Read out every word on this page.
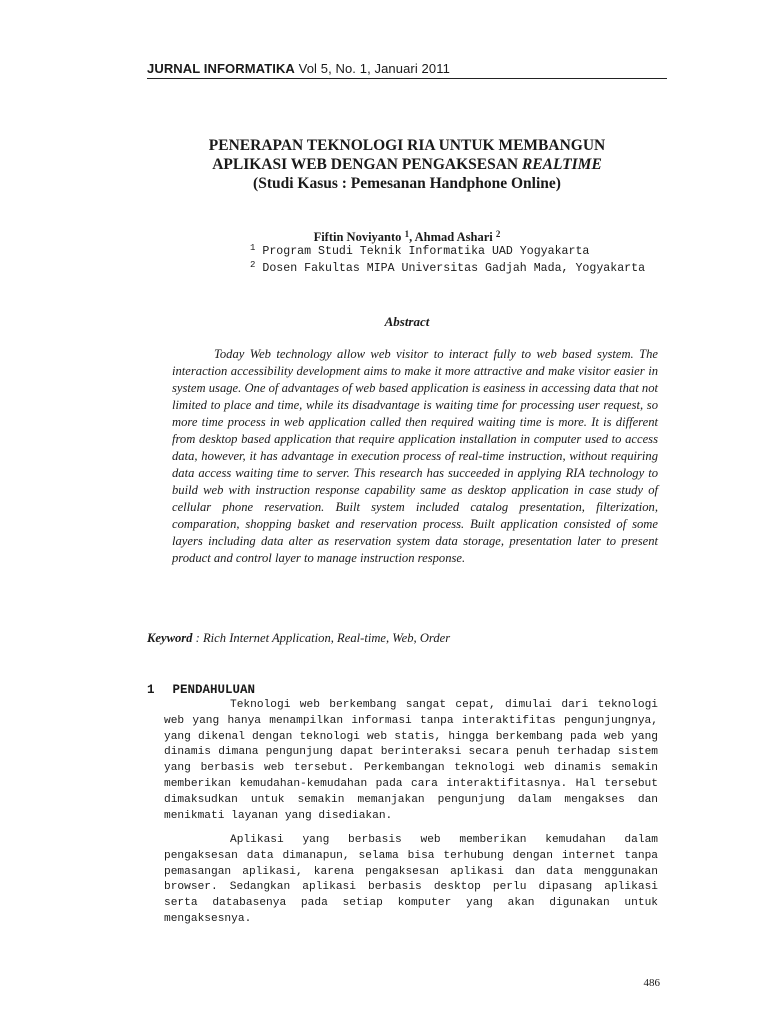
JURNAL INFORMATIKA Vol 5, No. 1, Januari 2011
PENERAPAN TEKNOLOGI RIA UNTUK MEMBANGUN
APLIKASI WEB DENGAN PENGAKSESAN REALTIME
(Studi Kasus : Pemesanan Handphone Online)
Fiftin Noviyanto $^1$, Ahmad Ashari $^2$
$^1$ Program Studi Teknik Informatika UAD Yogyakarta
$^2$ Dosen Fakultas MIPA Universitas Gadjah Mada, Yogyakarta
Abstract
Today Web technology allow web visitor to interact fully to web based system. The interaction accessibility development aims to make it more attractive and make visitor easier in system usage. One of advantages of web based application is easiness in accessing data that not limited to place and time, while its disadvantage is waiting time for processing user request, so more time process in web application called then required waiting time is more. It is different from desktop based application that require application installation in computer used to access data, however, it has advantage in execution process of real-time instruction, without requiring data access waiting time to server. This research has succeeded in applying RIA technology to build web with instruction response capability same as desktop application in case study of cellular phone reservation. Built system included catalog presentation, filterization, comparation, shopping basket and reservation process. Built application consisted of some layers including data alter as reservation system data storage, presentation later to present product and control layer to manage instruction response.
Keyword : Rich Internet Application, Real-time, Web, Order
1 PENDAHULUAN
Teknologi web berkembang sangat cepat, dimulai dari teknologi web yang hanya menampilkan informasi tanpa interaktifitas pengunjungnya, yang dikenal dengan teknologi web statis, hingga berkembang pada web yang dinamis dimana pengunjung dapat berinteraksi secara penuh terhadap sistem yang berbasis web tersebut. Perkembangan teknologi web dinamis semakin memberikan kemudahan-kemudahan pada cara interaktifitasnya. Hal tersebut dimaksudkan untuk semakin memanjakan pengunjung dalam mengakses dan menikmati layanan yang disediakan.
Aplikasi yang berbasis web memberikan kemudahan dalam pengaksesan data dimanapun, selama bisa terhubung dengan internet tanpa pemasangan aplikasi, karena pengaksesan aplikasi dan data menggunakan browser. Sedangkan aplikasi berbasis desktop perlu dipasang aplikasi serta databasenya pada setiap komputer yang akan digunakan untuk mengaksesnya.
486
